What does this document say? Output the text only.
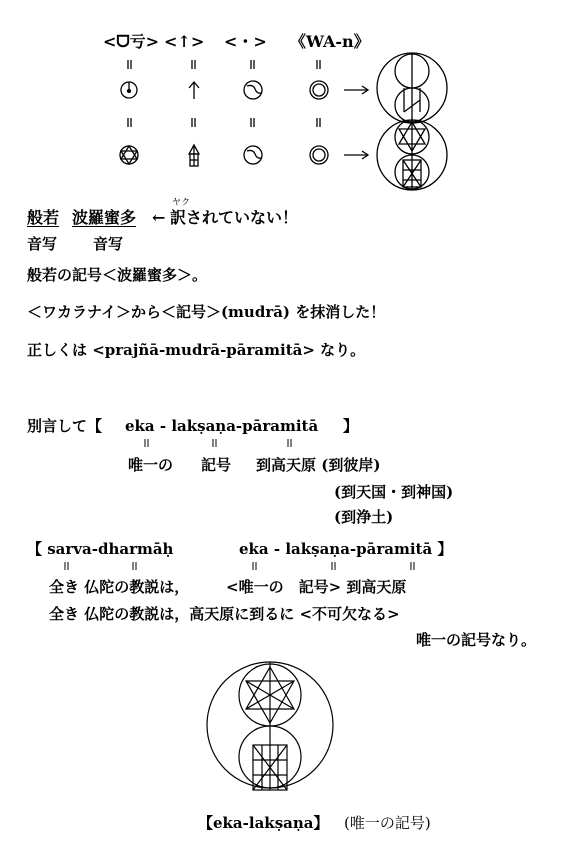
<ᗜ亏> <↑> <・> 《WA-n》
般若 波羅蜜多 ←
ヤク
訳されていない！
音写 音写
般若の記号＜波羅蜜多＞。
＜ワカラナイ＞から＜記号＞(mudrā) を抹消した！
正しくは <prajñā-mudrā-pāramitā> なり。
別言して【 eka - lakṣaṇa-pāramitā 】
唯一の 記号 到高天原 (到彼岸)
(到天国・到神国)
(到浄土)
【 sarva-dharmāḥ	eka - lakṣaṇa-pāramitā 】
全き 仏陀の教説は， <唯一の　記号> 到高天原
全き 仏陀の教説は，高天原に到るに <不可欠なる>
唯一の記号なり。
【eka-lakṣaṇa】 (唯一の記号)
